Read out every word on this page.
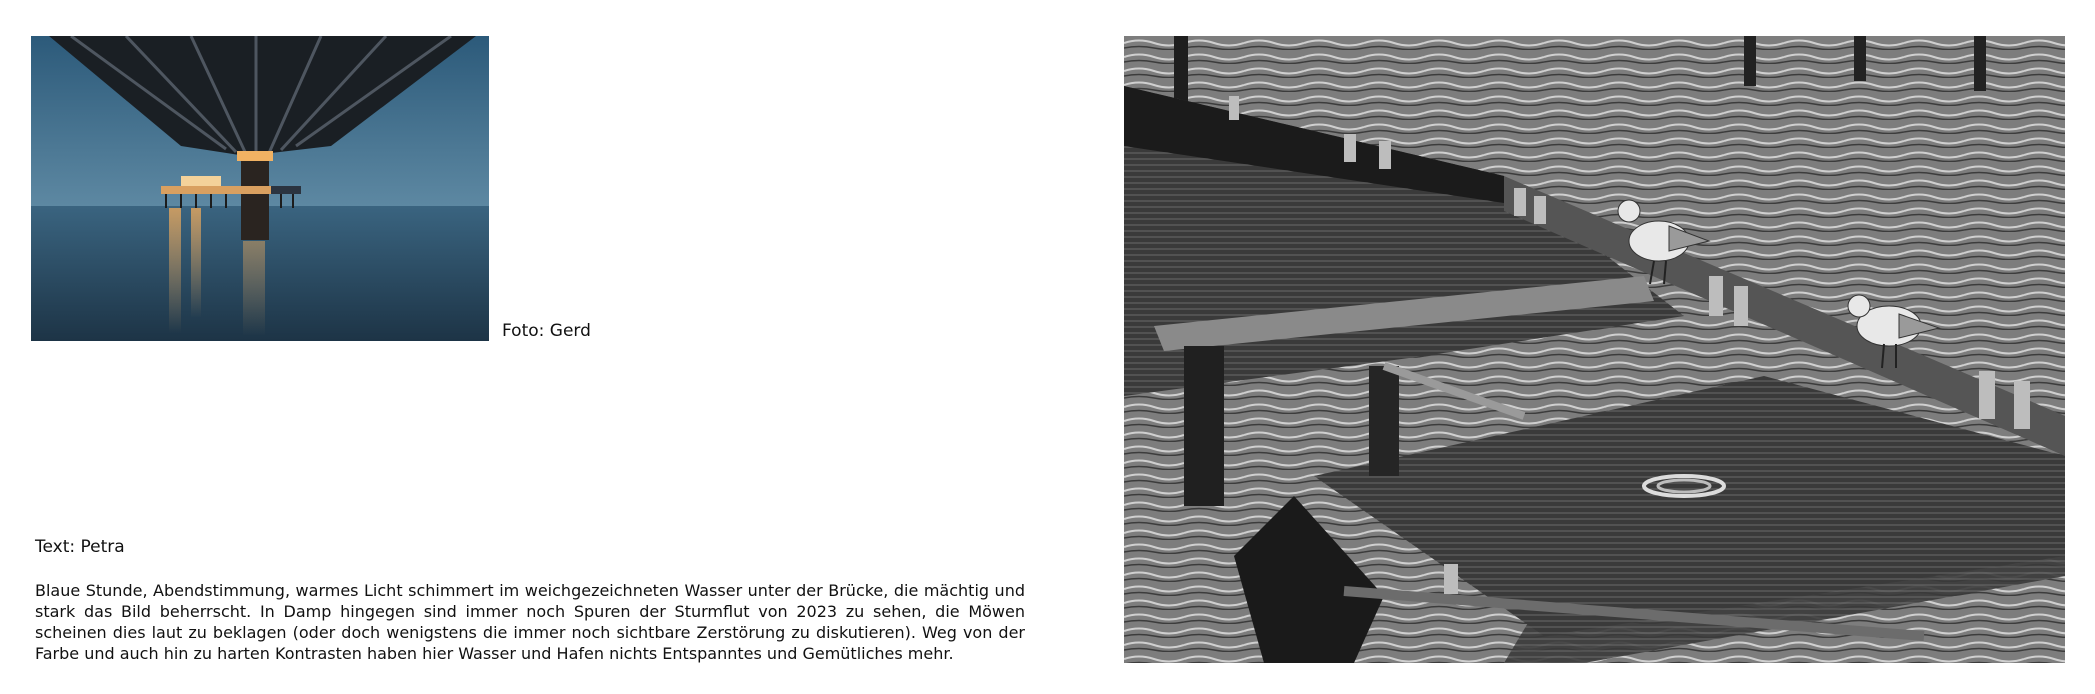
Foto: Gerd
Text: Petra

Blaue Stunde, Abendstimmung, warmes Licht schimmert im weichgezeichneten Wasser unter der Brücke, die mächtig und stark das Bild beherrscht. In Damp hingegen sind immer noch Spuren der Sturmflut von 2023 zu sehen, die Möwen scheinen dies laut zu beklagen (oder doch wenigstens die immer noch sichtbare Zerstörung zu diskutieren). Weg von der Farbe und auch hin zu harten Kontrasten haben hier Wasser und Hafen nichts Entspanntes und Gemütliches mehr.
